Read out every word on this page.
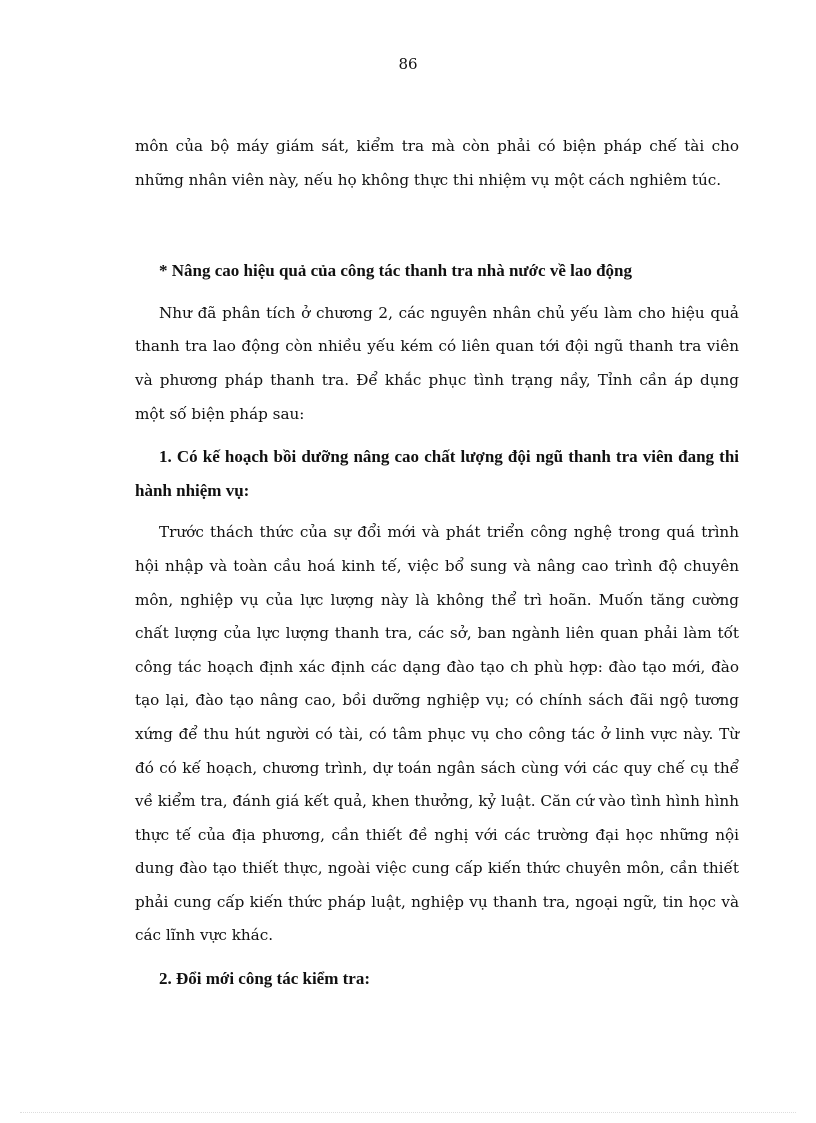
86

môn của bộ máy giám sát, kiểm tra mà còn phải có biện pháp chế tài cho những nhân viên này, nếu họ không thực thi nhiệm vụ một cách nghiêm túc.

* Nâng cao hiệu quả của công tác thanh tra nhà nước về lao động

Như đã phân tích ở chương 2, các nguyên nhân chủ yếu làm cho hiệu quả thanh tra lao động còn nhiều yếu kém có liên quan tới đội ngũ thanh tra viên và phương pháp thanh tra. Để khắc phục tình trạng nầy, Tỉnh cần áp dụng một số biện pháp sau:

1. Có kế hoạch bồi dưỡng nâng cao chất lượng đội ngũ thanh tra viên đang thi hành nhiệm vụ:

Trước thách thức của sự đổi mới và phát triển công nghệ trong quá trình hội nhập và toàn cầu hoá kinh tế, việc bổ sung và nâng cao trình độ chuyên môn, nghiệp vụ của lực lượng này là không thể trì hoãn. Muốn tăng cường chất lượng của lực lượng thanh tra, các sở, ban ngành liên quan phải làm tốt công tác hoạch định xác định các dạng đào tạo ch phù hợp: đào tạo mới, đào tạo lại, đào tạo nâng cao, bồi dưỡng nghiệp vụ; có chính sách đãi ngộ tương xứng để thu hút người có tài, có tâm phục vụ cho công tác ở linh vực này. Từ đó có kế hoạch, chương trình, dự toán ngân sách cùng với các quy chế cụ thể về kiểm tra, đánh giá kết quả, khen thưởng, kỷ luật. Căn cứ vào tình hình hình thực tế của địa phương, cần thiết đề nghị với các trường đại học những nội dung đào tạo thiết thực, ngoài việc cung cấp kiến thức chuyên môn, cần thiết phải cung cấp kiến thức pháp luật, nghiệp vụ thanh tra, ngoại ngữ, tin học và các lĩnh vực khác.

2. Đổi mới công tác kiểm tra:
